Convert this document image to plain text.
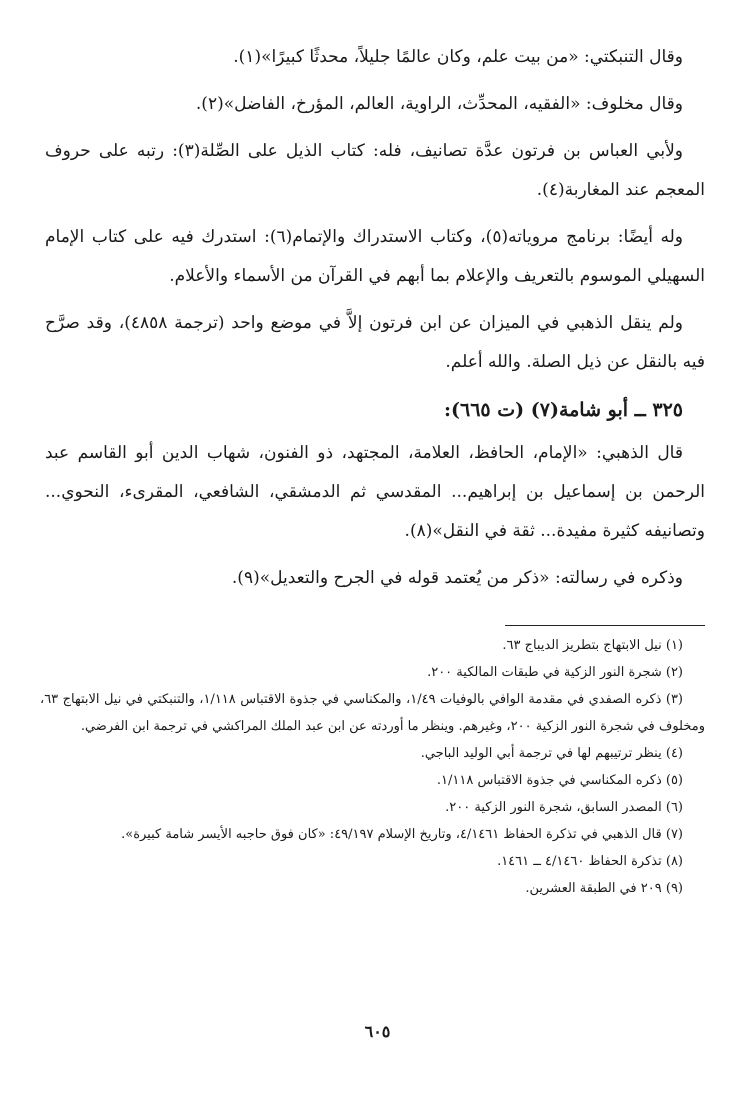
وقال التنبكتي: «من بيت علم، وكان عالمًا جليلاً، محدثًا كبيرًا»(١).

وقال مخلوف: «الفقيه، المحدِّث، الراوية، العالم، المؤرخ، الفاضل»(٢).

ولأبي العباس بن فرتون عدَّة تصانيف، فله: كتاب الذيل على الصِّلة(٣): رتبه على حروف المعجم عند المغاربة(٤).

وله أيضًا: برنامج مروياته(٥)، وكتاب الاستدراك والإتمام(٦): استدرك فيه على كتاب الإمام السهيلي الموسوم بالتعريف والإعلام بما أبهم في القرآن من الأسماء والأعلام.

ولم ينقل الذهبي في الميزان عن ابن فرتون إلاَّ في موضع واحد (ترجمة ٤٨٥٨)، وقد صرَّح فيه بالنقل عن ذيل الصلة. والله أعلم.

٣٢٥ ــ أبو شامة(٧) (ت ٦٦٥):

قال الذهبي: «الإمام، الحافظ، العلامة، المجتهد، ذو الفنون، شهاب الدين أبو القاسم عبد الرحمن بن إسماعيل بن إبراهيم... المقدسي ثم الدمشقي، الشافعي، المقرىء، النحوي... وتصانيفه كثيرة مفيدة... ثقة في النقل»(٨).

وذكره في رسالته: «ذكر من يُعتمد قوله في الجرح والتعديل»(٩).

(١) نيل الابتهاج بتطريز الديباج ٦٣.

(٢) شجرة النور الزكية في طبقات المالكية ٢٠٠.

(٣) ذكره الصفدي في مقدمة الوافي بالوفيات ١/٤٩، والمكناسي في جذوة الاقتباس ١/١١٨، والتنبكتي في نيل الابتهاج ٦٣، ومخلوف في شجرة النور الزكية ٢٠٠، وغيرهم. وينظر ما أوردته عن ابن عبد الملك المراكشي في ترجمة ابن الفرضي.

(٤) ينظر ترتيبهم لها في ترجمة أبي الوليد الباجي.

(٥) ذكره المكناسي في جذوة الاقتباس ١/١١٨.

(٦) المصدر السابق، شجرة النور الزكية ٢٠٠.

(٧) قال الذهبي في تذكرة الحفاظ ٤/١٤٦١، وتاريخ الإسلام ٤٩/١٩٧: «كان فوق حاجبه الأيسر شامة كبيرة».

(٨) تذكرة الحفاظ ٤/١٤٦٠ ــ ١٤٦١.

(٩) ٢٠٩ في الطبقة العشرين.

٦٠٥
